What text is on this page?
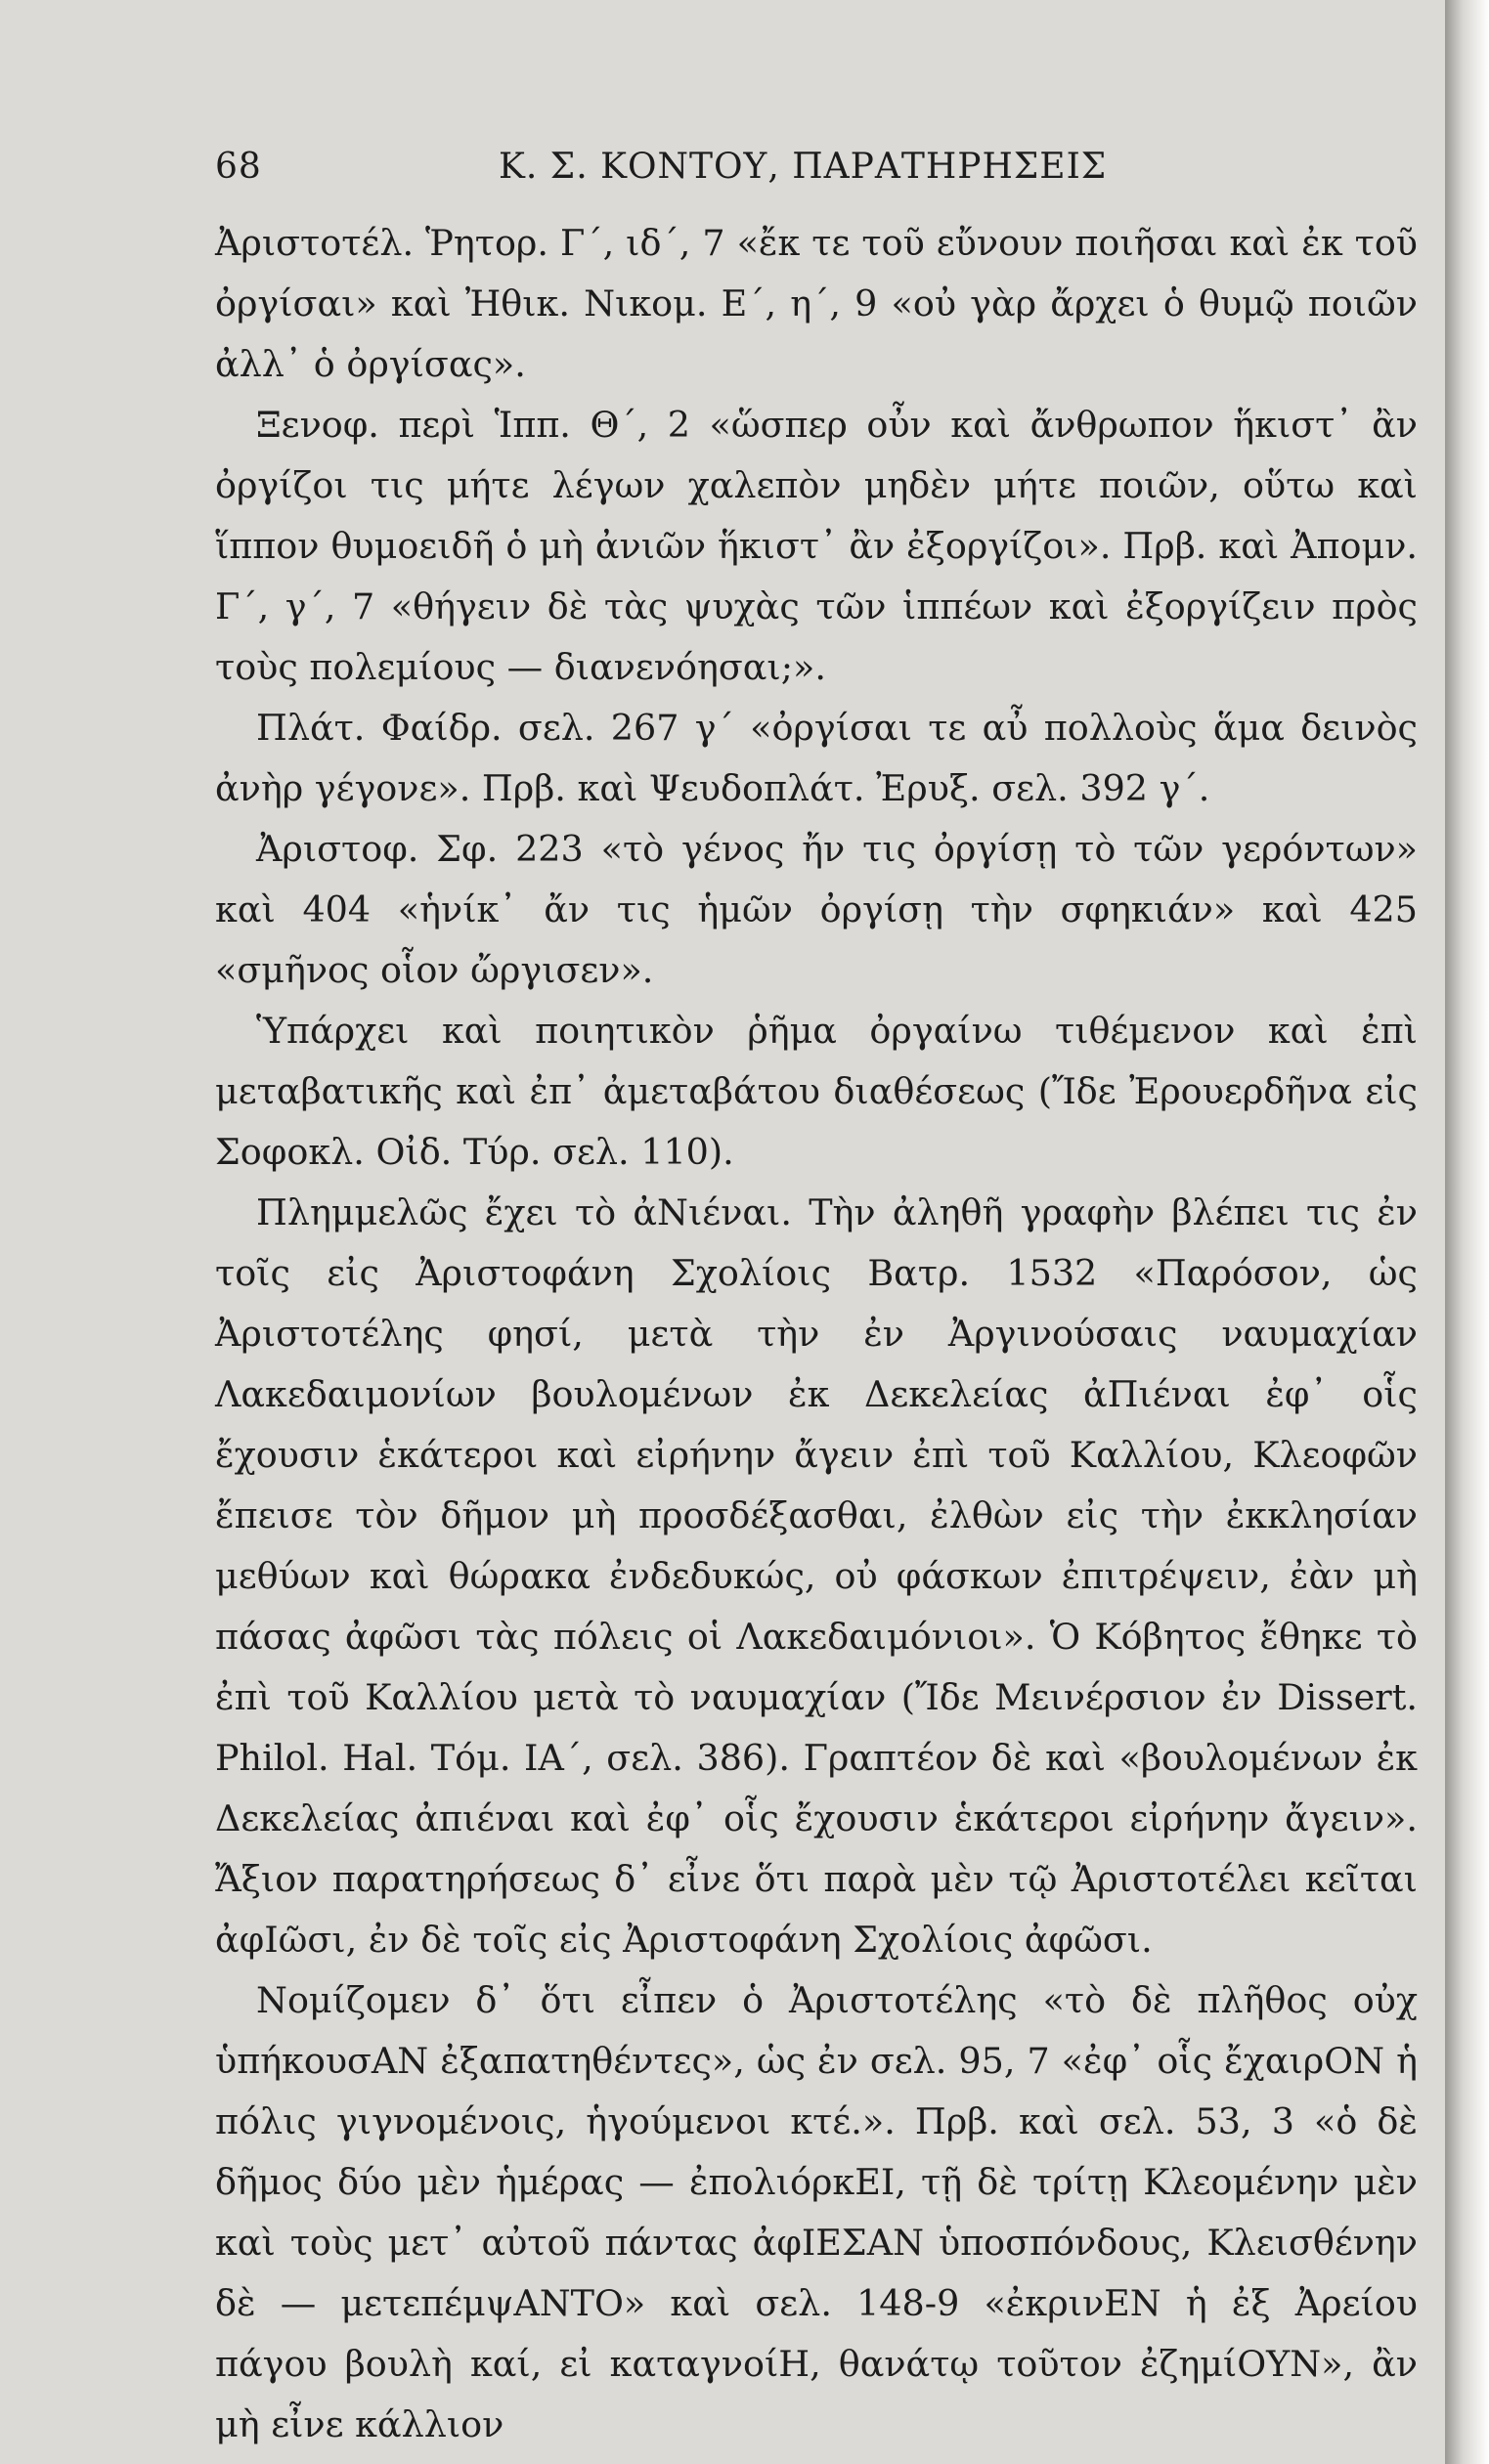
68	Κ. Σ. ΚΟΝΤΟΥ, ΠΑΡΑΤΗΡΗΣΕΙΣ

Ἀριστοτέλ. Ῥητορ. Γ΄, ιδ΄, 7 «ἔκ τε τοῦ εὔνουν ποιῆσαι καὶ ἐκ τοῦ ὀργίσαι» καὶ Ἠθικ. Νικομ. Ε΄, η΄, 9 «οὐ γὰρ ἄρχει ὁ θυμῷ ποιῶν ἀλλ᾽ ὁ ὀργίσας».

Ξενοφ. περὶ Ἱππ. Θ΄, 2 «ὥσπερ οὖν καὶ ἄνθρωπον ἥκιστ᾽ ἂν ὀργίζοι τις μήτε λέγων χαλεπὸν μηδὲν μήτε ποιῶν, οὕτω καὶ ἵππον θυμοειδῆ ὁ μὴ ἀνιῶν ἥκιστ᾽ ἂν ἐξοργίζοι». Πρβ. καὶ Ἀπομν. Γ΄, γ΄, 7 «θήγειν δὲ τὰς ψυχὰς τῶν ἱππέων καὶ ἐξοργίζειν πρὸς τοὺς πολεμίους — διανενόησαι;».

Πλάτ. Φαίδρ. σελ. 267 γ΄ «ὀργίσαι τε αὖ πολλοὺς ἅμα δεινὸς ἀνὴρ γέγονε». Πρβ. καὶ Ψευδοπλάτ. Ἐρυξ. σελ. 392 γ΄.

Ἀριστοφ. Σφ. 223 «τὸ γένος ἤν τις ὀργίσῃ τὸ τῶν γερόντων» καὶ 404 «ἡνίκ᾽ ἄν τις ἡμῶν ὀργίσῃ τὴν σφηκιάν» καὶ 425 «σμῆνος οἷον ὤργισεν».

Ὑπάρχει καὶ ποιητικὸν ῥῆμα ὀργαίνω τιθέμενον καὶ ἐπὶ μεταβατικῆς καὶ ἐπ᾽ ἀμεταβάτου διαθέσεως (Ἴδε Ἐρουερδῆνα εἰς Σοφοκλ. Οἰδ. Τύρ. σελ. 110).

Πλημμελῶς ἔχει τὸ ἀΝιέναι. Τὴν ἀληθῆ γραφὴν βλέπει τις ἐν τοῖς εἰς Ἀριστοφάνη Σχολίοις Βατρ. 1532 «Παρόσον, ὡς Ἀριστοτέλης φησί, μετὰ τὴν ἐν Ἀργινούσαις ναυμαχίαν Λακεδαιμονίων βουλομένων ἐκ Δεκελείας ἀΠιέναι ἐφ᾽ οἷς ἔχουσιν ἑκάτεροι καὶ εἰρήνην ἄγειν ἐπὶ τοῦ Καλλίου, Κλεοφῶν ἔπεισε τὸν δῆμον μὴ προσδέξασθαι, ἐλθὼν εἰς τὴν ἐκκλησίαν μεθύων καὶ θώρακα ἐνδεδυκώς, οὐ φάσκων ἐπιτρέψειν, ἐὰν μὴ πάσας ἀφῶσι τὰς πόλεις οἱ Λακεδαιμόνιοι». Ὁ Κόβητος ἔθηκε τὸ ἐπὶ τοῦ Καλλίου μετὰ τὸ ναυμαχίαν (Ἴδε Μεινέρσιον ἐν Dissert. Philol. Hal. Τόμ. ΙΑ΄, σελ. 386). Γραπτέον δὲ καὶ «βουλομένων ἐκ Δεκελείας ἀπιέναι καὶ ἐφ᾽ οἷς ἔχουσιν ἑκάτεροι εἰρήνην ἄγειν». Ἄξιον παρατηρήσεως δ᾽ εἶνε ὅτι παρὰ μὲν τῷ Ἀριστοτέλει κεῖται ἀφΙῶσι, ἐν δὲ τοῖς εἰς Ἀριστοφάνη Σχολίοις ἀφῶσι.

Νομίζομεν δ᾽ ὅτι εἶπεν ὁ Ἀριστοτέλης «τὸ δὲ πλῆθος οὐχ ὑπήκουσΑΝ ἐξαπατηθέντες», ὡς ἐν σελ. 95, 7 «ἐφ᾽ οἷς ἔχαιρΟΝ ἡ πόλις γιγνομένοις, ἡγούμενοι κτέ.». Πρβ. καὶ σελ. 53, 3 «ὁ δὲ δῆμος δύο μὲν ἡμέρας — ἐπολιόρκΕΙ, τῇ δὲ τρίτῃ Κλεομένην μὲν καὶ τοὺς μετ᾽ αὐτοῦ πάντας ἀφΙΕΣΑΝ ὑποσπόνδους, Κλεισθένην δὲ — μετεπέμψΑΝΤΟ» καὶ σελ. 148-9 «ἐκρινΕΝ ἡ ἐξ Ἀρείου πάγου βουλὴ καί, εἰ καταγνοίΗ, θανάτῳ τοῦτον ἐζημίΟΥΝ», ἂν μὴ εἶνε κάλλιον
